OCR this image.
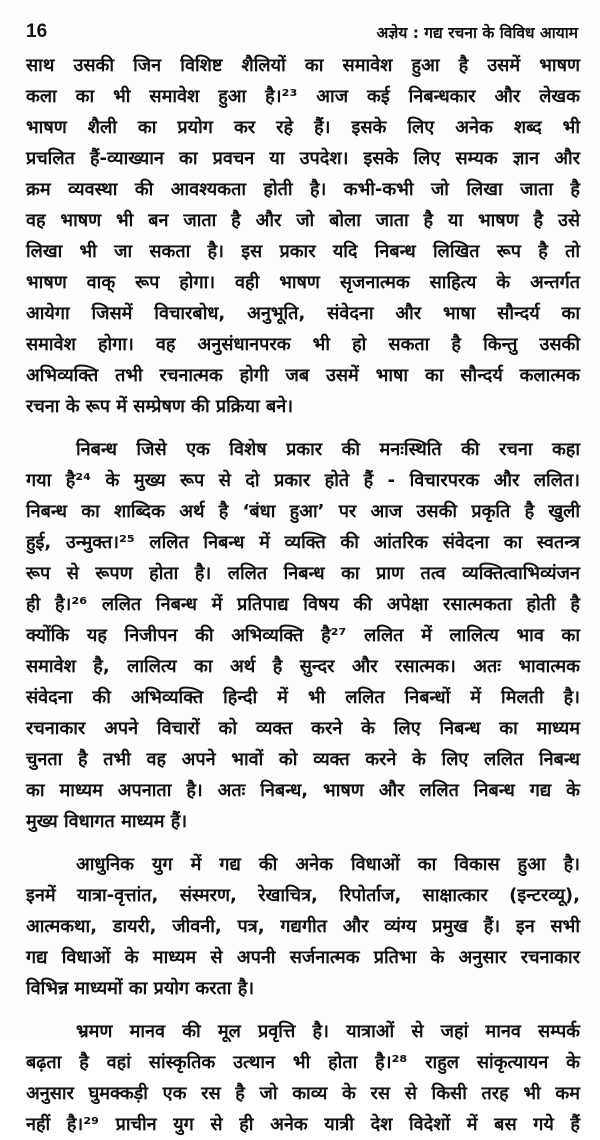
16	अज्ञेय : गद्य रचना के विविध आयाम
साथ उसकी जिन विशिष्ट शैलियों का समावेश हुआ है उसमें भाषण
कला का भी समावेश हुआ है।²³ आज कई निबन्धकार और लेखक
भाषण शैली का प्रयोग कर रहे हैं। इसके लिए अनेक शब्द भी
प्रचलित हैं-व्याख्यान का प्रवचन या उपदेश। इसके लिए सम्यक ज्ञान और
क्रम व्यवस्था की आवश्यकता होती है। कभी-कभी जो लिखा जाता है
वह भाषण भी बन जाता है और जो बोला जाता है या भाषण है उसे
लिखा भी जा सकता है। इस प्रकार यदि निबन्ध लिखित रूप है तो
भाषण वाक् रूप होगा। वही भाषण सृजनात्मक साहित्य के अन्तर्गत
आयेगा जिसमें विचारबोध, अनुभूति, संवेदना और भाषा सौन्दर्य का
समावेश होगा। वह अनुसंधानपरक भी हो सकता है किन्तु उसकी
अभिव्यक्ति तभी रचनात्मक होगी जब उसमें भाषा का सौन्दर्य कलात्मक
रचना के रूप में सम्प्रेषण की प्रक्रिया बने।
निबन्ध जिसे एक विशेष प्रकार की मनःस्थिति की रचना कहा
गया है²⁴ के मुख्य रूप से दो प्रकार होते हैं - विचारपरक और ललित।
निबन्ध का शाब्दिक अर्थ है ‘बंधा हुआ’ पर आज उसकी प्रकृति है खुली
हुई, उन्मुक्त।²⁵ ललित निबन्ध में व्यक्ति की आंतरिक संवेदना का स्वतन्त्र
रूप से रूपण होता है। ललित निबन्ध का प्राण तत्व व्यक्तित्वाभिव्यंजन
ही है।²⁶ ललित निबन्ध में प्रतिपाद्य विषय की अपेक्षा रसात्मकता होती है
क्योंकि यह निजीपन की अभिव्यक्ति है²⁷ ललित में लालित्य भाव का
समावेश है, लालित्य का अर्थ है सुन्दर और रसात्मक। अतः भावात्मक
संवेदना की अभिव्यक्ति हिन्दी में भी ललित निबन्धों में मिलती है।
रचनाकार अपने विचारों को व्यक्त करने के लिए निबन्ध का माध्यम
चुनता है तभी वह अपने भावों को व्यक्त करने के लिए ललित निबन्ध
का माध्यम अपनाता है। अतः निबन्ध, भाषण और ललित निबन्ध गद्य के
मुख्य विधागत माध्यम हैं।
आधुनिक युग में गद्य की अनेक विधाओं का विकास हुआ है।
इनमें यात्रा-वृत्तांत, संस्मरण, रेखाचित्र, रिपोर्ताज, साक्षात्कार (इन्टरव्यू),
आत्मकथा, डायरी, जीवनी, पत्र, गद्यगीत और व्यंग्य प्रमुख हैं। इन सभी
गद्य विधाओं के माध्यम से अपनी सर्जनात्मक प्रतिभा के अनुसार रचनाकार
विभिन्न माध्यमों का प्रयोग करता है।
भ्रमण मानव की मूल प्रवृत्ति है। यात्राओं से जहां मानव सम्पर्क
बढ़ता है वहां सांस्कृतिक उत्थान भी होता है।²⁸ राहुल सांकृत्यायन के
अनुसार घुमक्कड़ी एक रस है जो काव्य के रस से किसी तरह भी कम
नहीं है।²⁹ प्राचीन युग से ही अनेक यात्री देश विदेशों में बस गये हैं
